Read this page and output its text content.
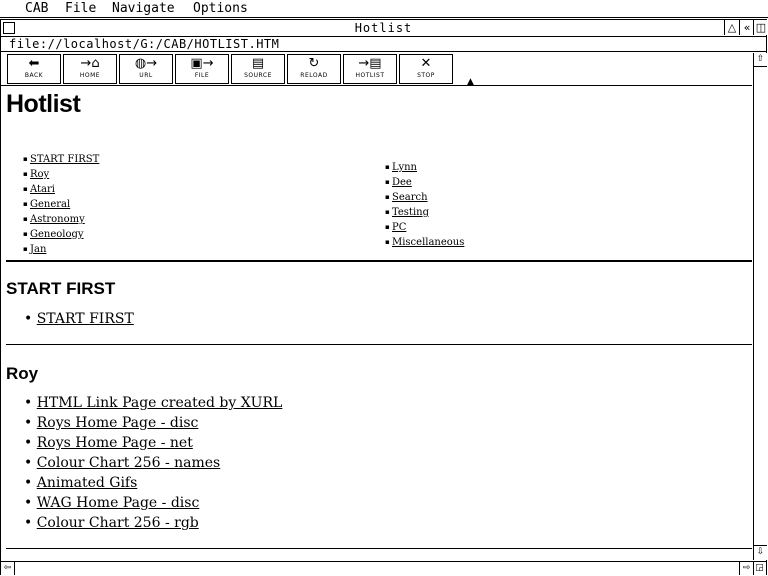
CAB File Navigate Options
Hotlist	△ « ◫
file://localhost/G:/CAB/HOTLIST.HTM
⬅
BACK
→⌂
HOME
◍→
URL
▣→
FILE
▤
SOURCE
↻
RELOAD
→▤
HOTLIST
✕
STOP
▲
Hotlist
▪ START FIRST
▪ Roy
▪ Atari
▪ General
▪ Astronomy
▪ Geneology
▪ Jan
▪ Lynn
▪ Dee
▪ Search
▪ Testing
▪ PC
▪ Miscellaneous
START FIRST
• START FIRST
Roy
• HTML Link Page created by XURL
• Roys Home Page - disc
• Roys Home Page - net
• Colour Chart 256 - names
• Animated Gifs
• WAG Home Page - disc
• Colour Chart 256 - rgb
⇧
⇩
⇦	⇨ ◲
